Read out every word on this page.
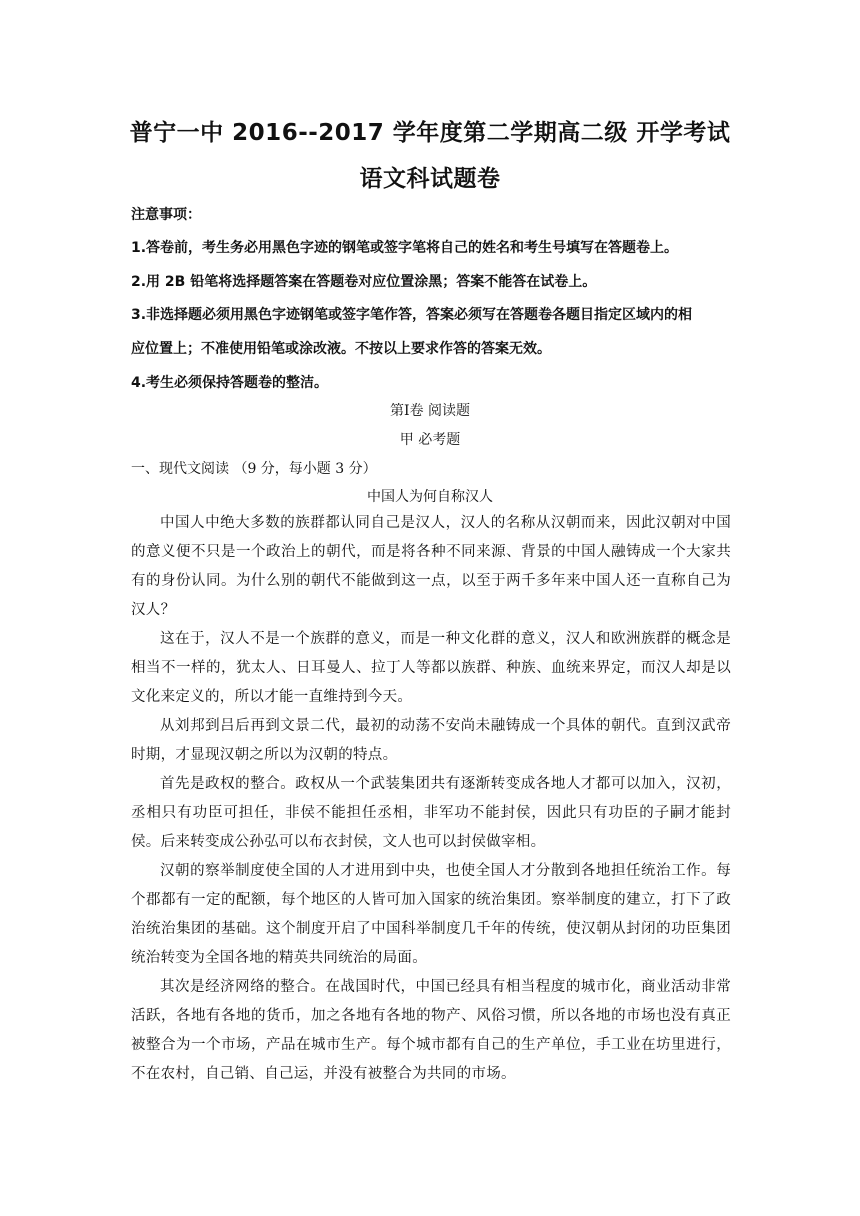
普宁一中 2016--2017 学年度第二学期高二级 开学考试
语文科试题卷
注意事项：
1.答卷前，考生务必用黑色字迹的钢笔或签字笔将自己的姓名和考生号填写在答题卷上。
2.用 2B 铅笔将选择题答案在答题卷对应位置涂黑；答案不能答在试卷上。
3.非选择题必须用黑色字迹钢笔或签字笔作答，答案必须写在答题卷各题目指定区域内的相
应位置上；不准使用铅笔或涂改液。不按以上要求作答的答案无效。
4.考生必须保持答题卷的整洁。
第Ⅰ卷 阅读题
甲 必考题
一、现代文阅读 （9 分，每小题 3 分）
中国人为何自称汉人

中国人中绝大多数的族群都认同自己是汉人，汉人的名称从汉朝而来，因此汉朝对中国的意义便不只是一个政治上的朝代，而是将各种不同来源、背景的中国人融铸成一个大家共有的身份认同。为什么别的朝代不能做到这一点，以至于两千多年来中国人还一直称自己为汉人？

这在于，汉人不是一个族群的意义，而是一种文化群的意义，汉人和欧洲族群的概念是相当不一样的，犹太人、日耳曼人、拉丁人等都以族群、种族、血统来界定，而汉人却是以文化来定义的，所以才能一直维持到今天。

从刘邦到吕后再到文景二代，最初的动荡不安尚未融铸成一个具体的朝代。直到汉武帝时期，才显现汉朝之所以为汉朝的特点。

首先是政权的整合。政权从一个武装集团共有逐渐转变成各地人才都可以加入，汉初，丞相只有功臣可担任，非侯不能担任丞相，非军功不能封侯，因此只有功臣的子嗣才能封侯。后来转变成公孙弘可以布衣封侯，文人也可以封侯做宰相。

汉朝的察举制度使全国的人才进用到中央，也使全国人才分散到各地担任统治工作。每个郡都有一定的配额，每个地区的人皆可加入国家的统治集团。察举制度的建立，打下了政治统治集团的基础。这个制度开启了中国科举制度几千年的传统，使汉朝从封闭的功臣集团统治转变为全国各地的精英共同统治的局面。

其次是经济网络的整合。在战国时代，中国已经具有相当程度的城市化，商业活动非常活跃，各地有各地的货币，加之各地有各地的物产、风俗习惯，所以各地的市场也没有真正被整合为一个市场，产品在城市生产。每个城市都有自己的生产单位，手工业在坊里进行，不在农村，自己销、自己运，并没有被整合为共同的市场。
